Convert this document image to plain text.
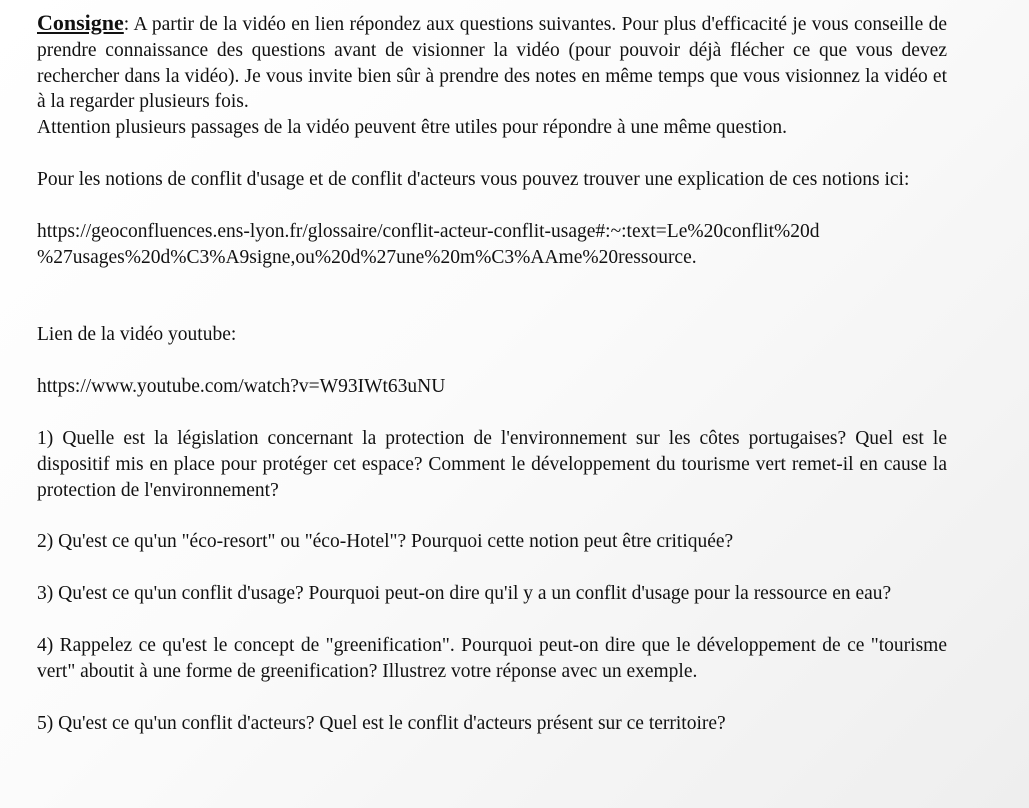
Consigne: A partir de la vidéo en lien répondez aux questions suivantes. Pour plus d'efficacité je vous conseille de prendre connaissance des questions avant de visionner la vidéo (pour pouvoir déjà flécher ce que vous devez rechercher dans la vidéo). Je vous invite bien sûr à prendre des notes en même temps que vous visionnez la vidéo et à la regarder plusieurs fois.

Attention plusieurs passages de la vidéo peuvent être utiles pour répondre à une même question.

Pour les notions de conflit d'usage et de conflit d'acteurs vous pouvez trouver une explication de ces notions ici:

https://geoconfluences.ens-lyon.fr/glossaire/conflit-acteur-conflit-usage#:~:text=Le%20conflit%20d

%27usages%20d%C3%A9signe,ou%20d%27une%20m%C3%AAme%20ressource.

Lien de la vidéo youtube:

https://www.youtube.com/watch?v=W93IWt63uNU

1) Quelle est la législation concernant la protection de l'environnement sur les côtes portugaises? Quel est le dispositif mis en place pour protéger cet espace? Comment le développement du tourisme vert remet-il en cause la protection de l'environnement?

2) Qu'est ce qu'un "éco-resort" ou "éco-Hotel"? Pourquoi cette notion peut être critiquée?

3) Qu'est ce qu'un conflit d'usage? Pourquoi peut-on dire qu'il y a un conflit d'usage pour la ressource en eau?

4) Rappelez ce qu'est le concept de "greenification". Pourquoi peut-on dire que le développement de ce "tourisme vert" aboutit à une forme de greenification? Illustrez votre réponse avec un exemple.

5) Qu'est ce qu'un conflit d'acteurs? Quel est le conflit d'acteurs présent sur ce territoire?
